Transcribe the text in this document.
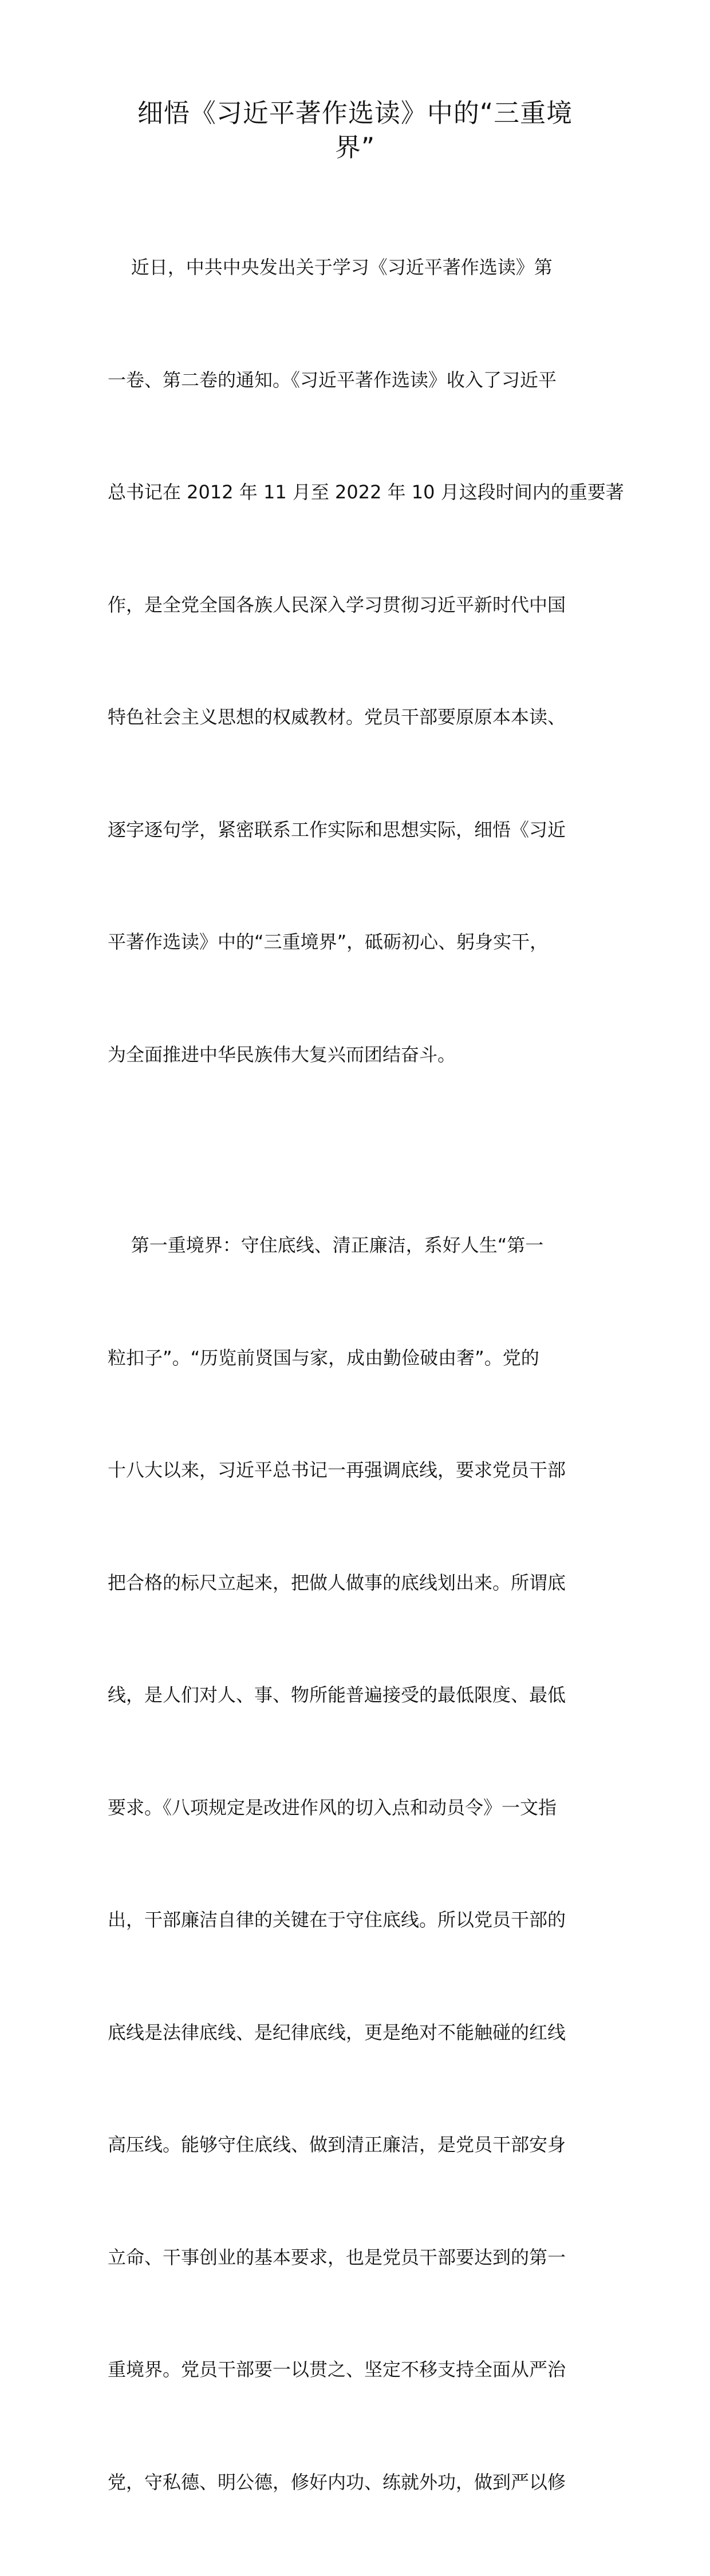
细悟《习近平著作选读》中的“三重境
界”

近日，中共中央发出关于学习《习近平著作选读》第

一卷、第二卷的通知。《习近平著作选读》收入了习近平

总书记在 2012 年 11 月至 2022 年 10 月这段时间内的重要著

作，是全党全国各族人民深入学习贯彻习近平新时代中国

特色社会主义思想的权威教材。党员干部要原原本本读、

逐字逐句学，紧密联系工作实际和思想实际，细悟《习近

平著作选读》中的“三重境界”，砥砺初心、躬身实干，

为全面推进中华民族伟大复兴而团结奋斗。

第一重境界：守住底线、清正廉洁，系好人生“第一

粒扣子”。“历览前贤国与家，成由勤俭破由奢”。党的

十八大以来，习近平总书记一再强调底线，要求党员干部

把合格的标尺立起来，把做人做事的底线划出来。所谓底

线，是人们对人、事、物所能普遍接受的最低限度、最低

要求。《八项规定是改进作风的切入点和动员令》一文指

出，干部廉洁自律的关键在于守住底线。所以党员干部的

底线是法律底线、是纪律底线，更是绝对不能触碰的红线

高压线。能够守住底线、做到清正廉洁，是党员干部安身

立命、干事创业的基本要求，也是党员干部要达到的第一

重境界。党员干部要一以贯之、坚定不移支持全面从严治

党，守私德、明公德，修好内功、练就外功，做到严以修
